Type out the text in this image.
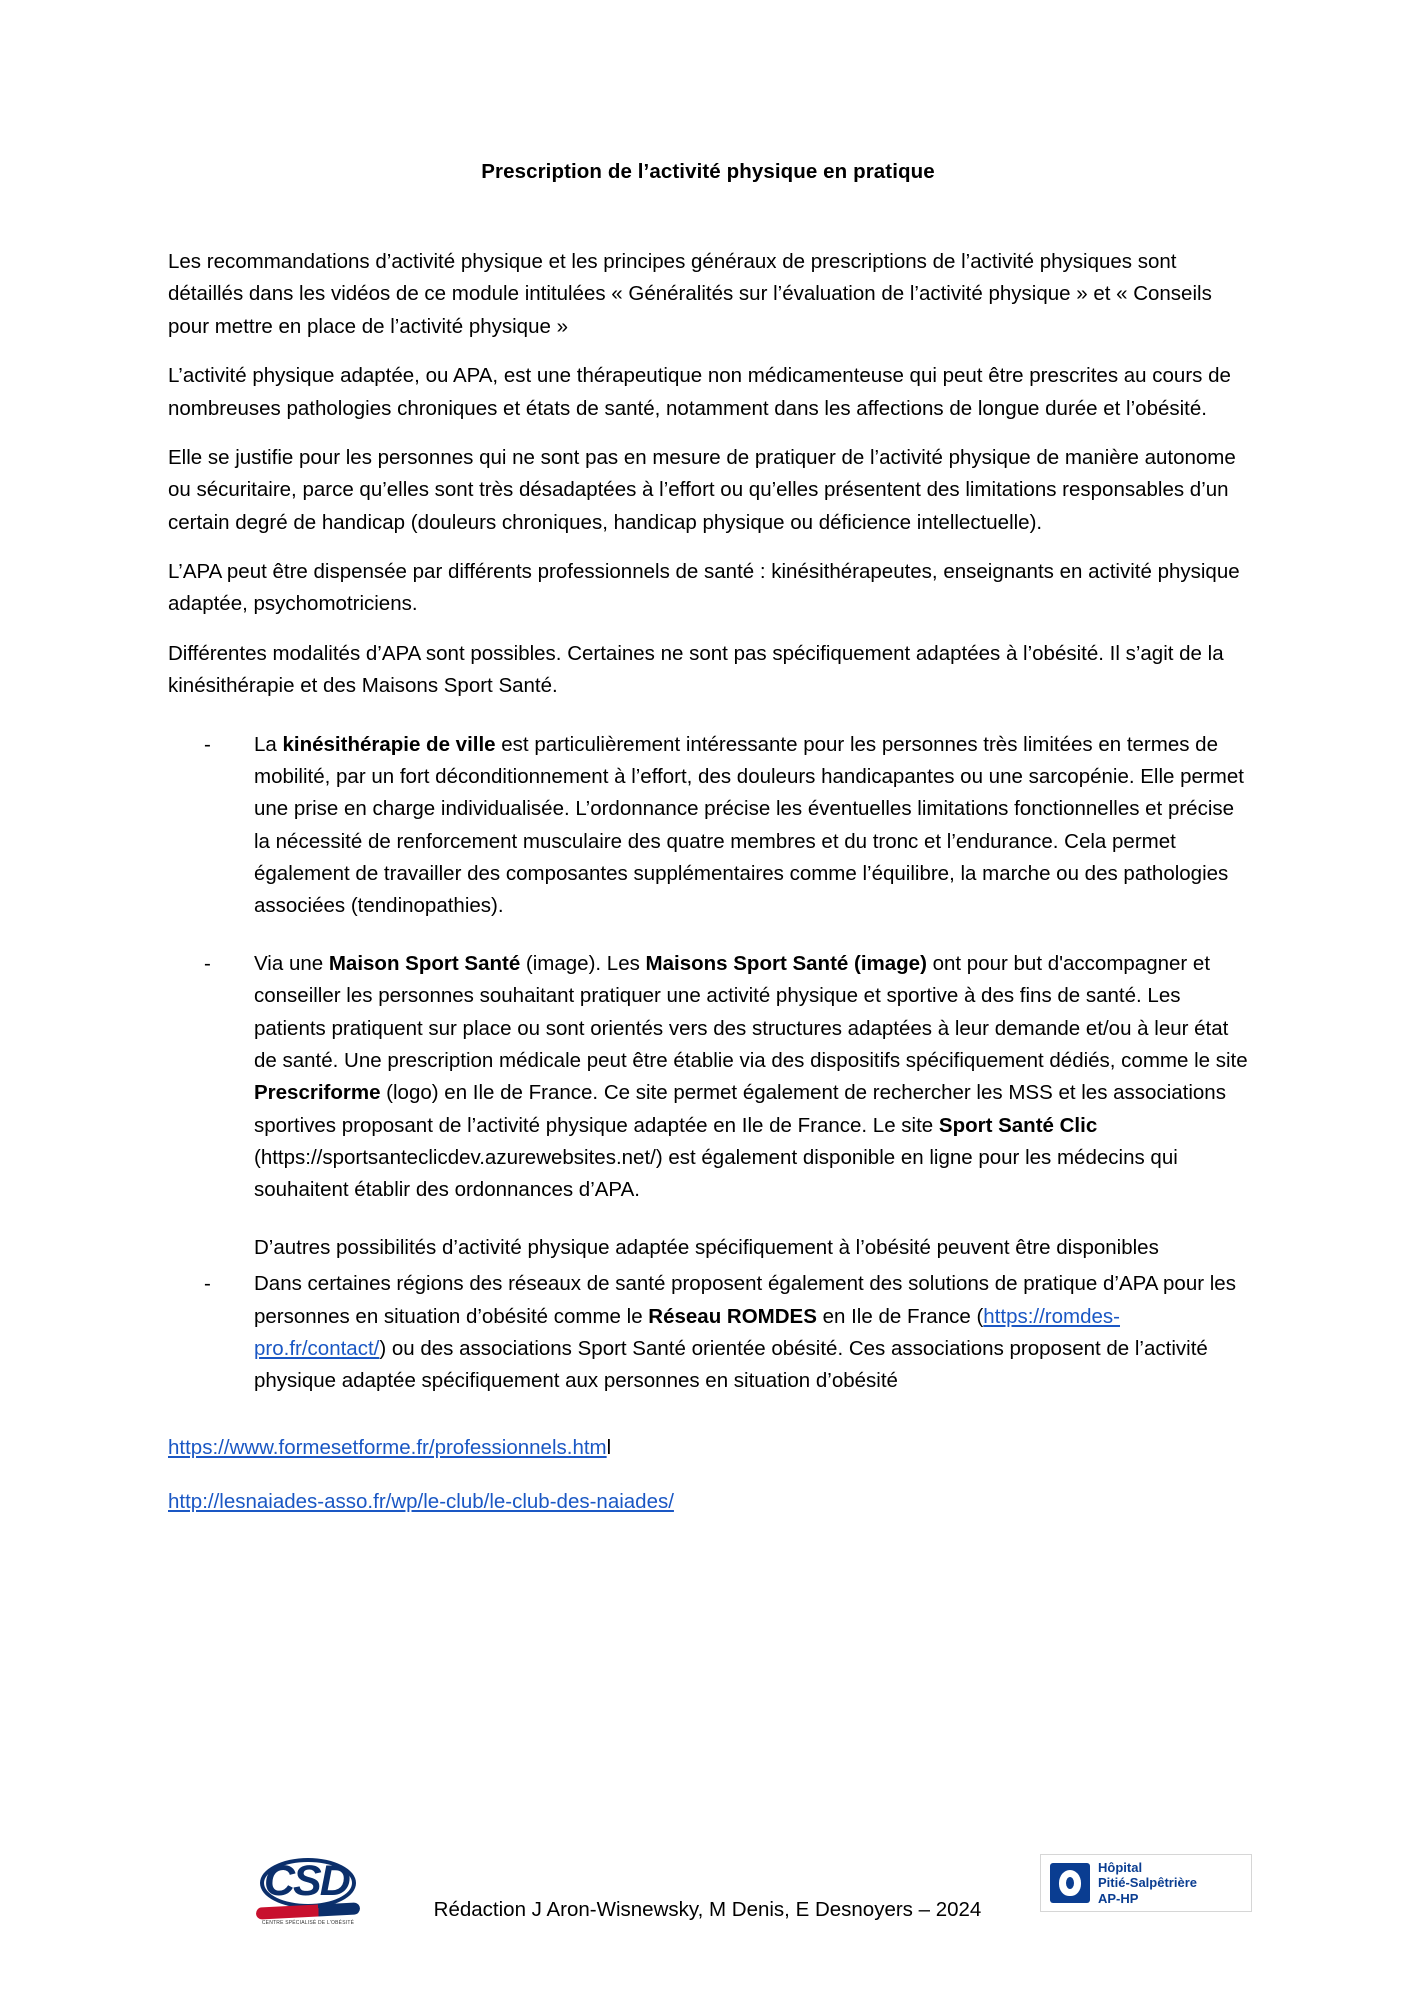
Prescription de l’activité physique en pratique

Les recommandations d’activité physique et les principes généraux de prescriptions de l’activité physiques sont détaillés dans les vidéos de ce module intitulées « Généralités sur l’évaluation de l’activité physique » et « Conseils pour mettre en place de l’activité physique »

L’activité physique adaptée, ou APA, est une thérapeutique non médicamenteuse qui peut être prescrites au cours de nombreuses pathologies chroniques et états de santé, notamment dans les affections de longue durée et l’obésité.

Elle se justifie pour les personnes qui ne sont pas en mesure de pratiquer de l’activité physique de manière autonome ou sécuritaire, parce qu’elles sont très désadaptées à l’effort ou qu’elles présentent des limitations responsables d’un certain degré de handicap (douleurs chroniques, handicap physique ou déficience intellectuelle).

L’APA peut être dispensée par différents professionnels de santé : kinésithérapeutes, enseignants en activité physique adaptée, psychomotriciens.

Différentes modalités d’APA sont possibles. Certaines ne sont pas spécifiquement adaptées à l’obésité. Il s’agit de la kinésithérapie et des Maisons Sport Santé.

- La kinésithérapie de ville est particulièrement intéressante pour les personnes très limitées en termes de mobilité, par un fort déconditionnement à l’effort, des douleurs handicapantes ou une sarcopénie. Elle permet une prise en charge individualisée. L’ordonnance précise les éventuelles limitations fonctionnelles et précise la nécessité de renforcement musculaire des quatre membres et du tronc et l’endurance. Cela permet également de travailler des composantes supplémentaires comme l’équilibre, la marche ou des pathologies associées (tendinopathies).
- Via une Maison Sport Santé (image). Les Maisons Sport Santé (image) ont pour but d'accompagner et conseiller les personnes souhaitant pratiquer une activité physique et sportive à des fins de santé. Les patients pratiquent sur place ou sont orientés vers des structures adaptées à leur demande et/ou à leur état de santé. Une prescription médicale peut être établie via des dispositifs spécifiquement dédiés, comme le site Prescriforme (logo) en Ile de France. Ce site permet également de rechercher les MSS et les associations sportives proposant de l’activité physique adaptée en Ile de France. Le site Sport Santé Clic (https://sportsanteclicdev.azurewebsites.net/) est également disponible en ligne pour les médecins qui souhaitent établir des ordonnances d’APA.

D’autres possibilités d’activité physique adaptée spécifiquement à l’obésité peuvent être disponibles

- Dans certaines régions des réseaux de santé proposent également des solutions de pratique d’APA pour les personnes en situation d’obésité comme le Réseau ROMDES en Ile de France (https://romdes-pro.fr/contact/) ou des associations Sport Santé orientée obésité. Ces associations proposent de l’activité physique adaptée spécifiquement aux personnes en situation d’obésité

https://www.formesetforme.fr/professionnels.html

http://lesnaiades-asso.fr/wp/le-club/le-club-des-naiades/

CSD
CENTRE SPÉCIALISÉ DE L'OBÉSITÉ
Rédaction J Aron-Wisnewsky, M Denis, E Desnoyers – 2024
Hôpital
Pitié-Salpêtrière
AP-HP
